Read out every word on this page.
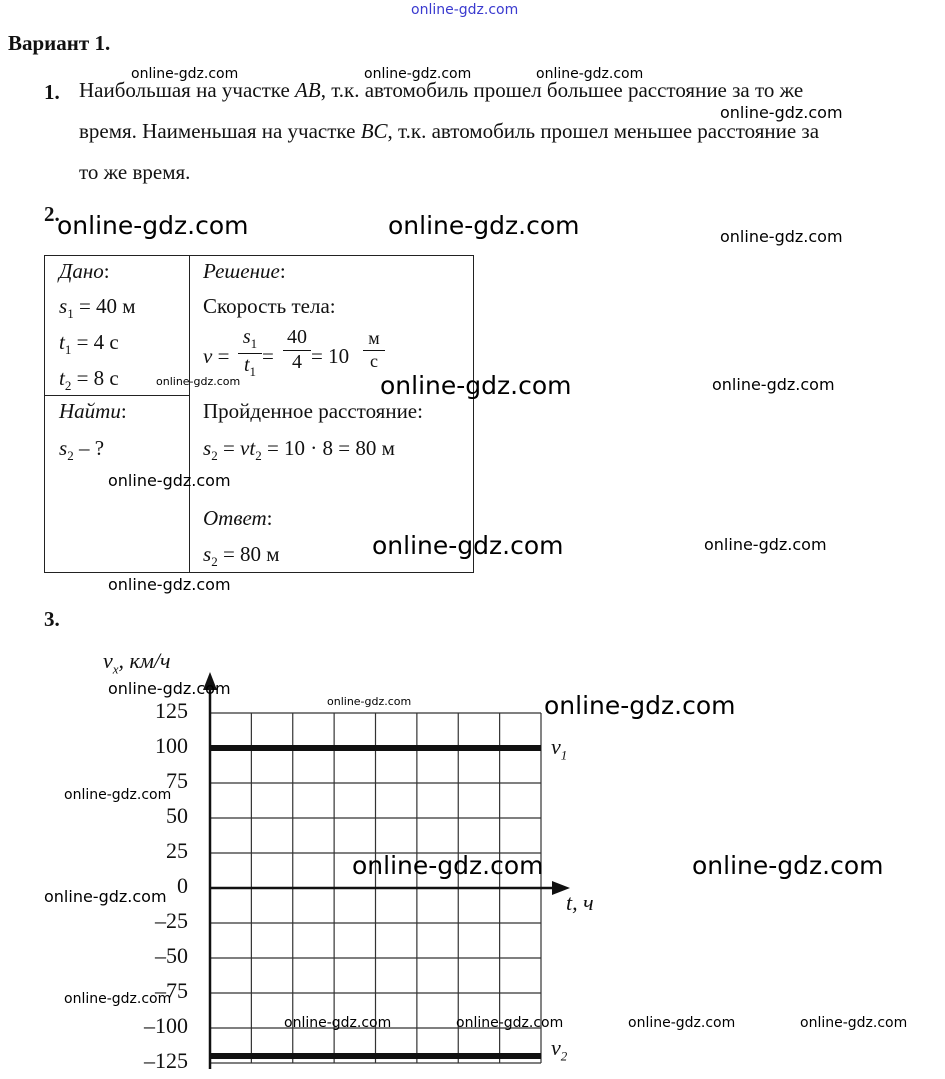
online-gdz.com
Вариант 1.
1. Наибольшая на участке AB, т.к. автомобиль прошел большее расстояние за то же
время. Наименьшая на участке BC, т.к. автомобиль прошел меньшее расстояние за
то же время.
2.
Дано:
$s_1 = 40$ м
$t_1 = 4$ с
$t_2 = 8$ с
Найти:
$s_2$ – ?
Решение:
Скорость тела:
$v = \frac{s_1}{t_1} = \frac{40}{4} = 10$
м
с
Пройденное расстояние:
$s_2 = vt_2 = 10 \cdot 8 = 80$ м
Ответ:
$s_2 = 80$ м
3.
$v_x$, км/ч
t, ч
$v_1$
$v_2$
125
100
75
50
25
0
–25
–50
–75
–100
–125
online-gdz.com	online-gdz.com	online-gdz.com
online-gdz.com
online-gdz.com	online-gdz.com	online-gdz.com
online-gdz.com	online-gdz.com	online-gdz.com
online-gdz.com
online-gdz.com	online-gdz.com
online-gdz.com
online-gdz.com
online-gdz.com	online-gdz.com
online-gdz.com
online-gdz.com	online-gdz.com
online-gdz.com
online-gdz.com
online-gdz.com	online-gdz.com	online-gdz.com	online-gdz.com
